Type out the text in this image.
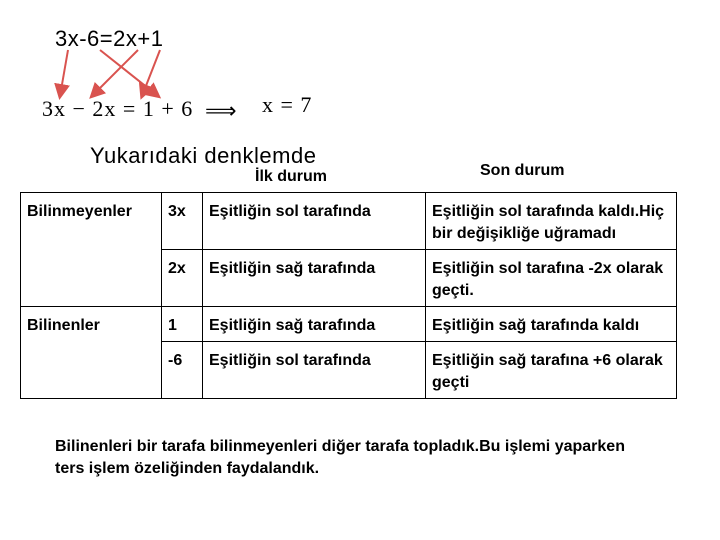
3x-6=2x+1
3x − 2x = 1 + 6 ⟹ x = 7
Yukarıdaki denklemde
İlk durum	Son durum
Bilinmeyenler	3x	Eşitliğin sol tarafında	Eşitliğin sol tarafında kaldı.Hiç bir değişikliğe uğramadı
	2x	Eşitliğin sağ tarafında	Eşitliğin sol tarafına -2x olarak geçti.
Bilinenler	1	Eşitliğin sağ tarafında	Eşitliğin sağ tarafında kaldı
	-6	Eşitliğin sol tarafında	Eşitliğin sağ tarafına +6 olarak geçti
Bilinenleri bir tarafa bilinmeyenleri diğer tarafa topladık.Bu işlemi yaparken ters işlem özeliğinden faydalandık.
